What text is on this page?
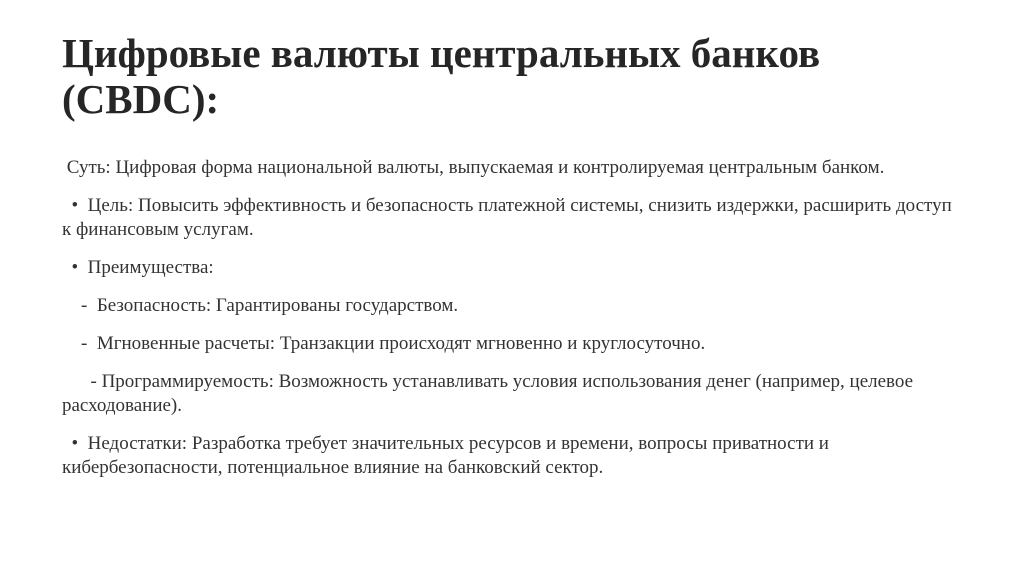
Цифровые валюты центральных банков (CBDC):

Суть: Цифровая форма национальной валюты, выпускаемая и контролируемая центральным банком.

•  Цель: Повысить эффективность и безопасность платежной системы, снизить издержки, расширить доступ к финансовым услугам.

•  Преимущества:

-  Безопасность: Гарантированы государством.

-  Мгновенные расчеты: Транзакции происходят мгновенно и круглосуточно.

- Программируемость: Возможность устанавливать условия использования денег (например, целевое расходование).

•  Недостатки: Разработка требует значительных ресурсов и времени, вопросы приватности и кибербезопасности, потенциальное влияние на банковский сектор.
